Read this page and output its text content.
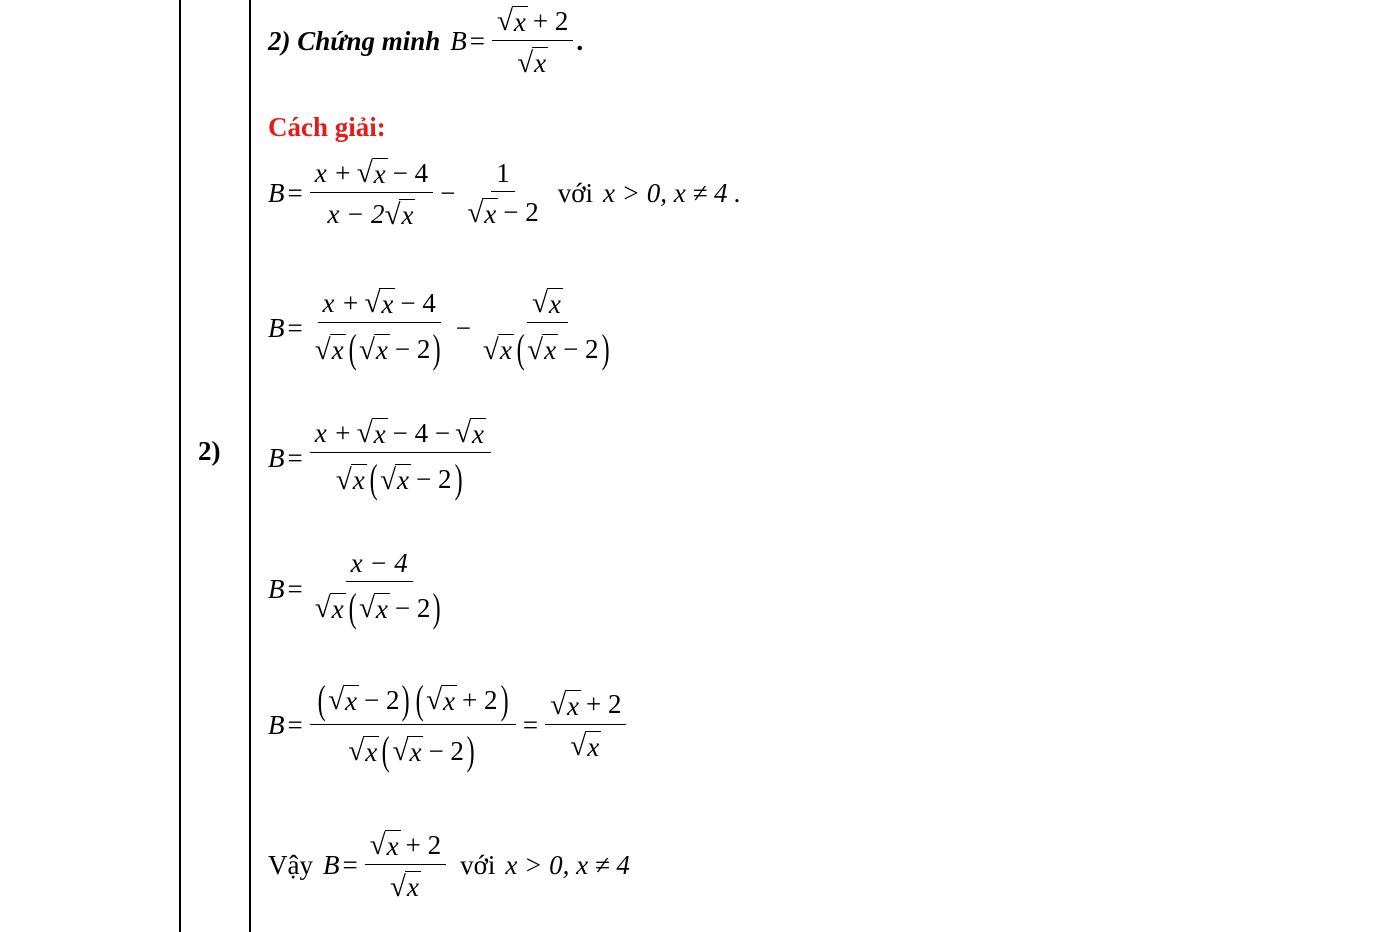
2)
2) Chứng minh $B = \frac{√ x + 2}{√ x}$ .
Cách giải:
$B = \frac{x + √ x - 4}{x - 2 √ x} - \frac{1}{√ x - 2}$ với x > 0, x ≠ 4 .
$B = \frac{x + √ x - 4}{√ x ( √ x - 2 )} - \frac{√ x}{√ x ( √ x - 2 )}$
$B = \frac{x + √ x - 4 - √ x}{√ x ( √ x - 2 )}$
$B = \frac{x - 4}{√ x ( √ x - 2 )}$
$B = \frac{( √ x - 2 ) ( √ x + 2 )}{√ x ( √ x - 2 )} = \frac{√ x + 2}{√ x}$
Vậy $B = \frac{√ x + 2}{√ x}$ với x > 0, x ≠ 4
